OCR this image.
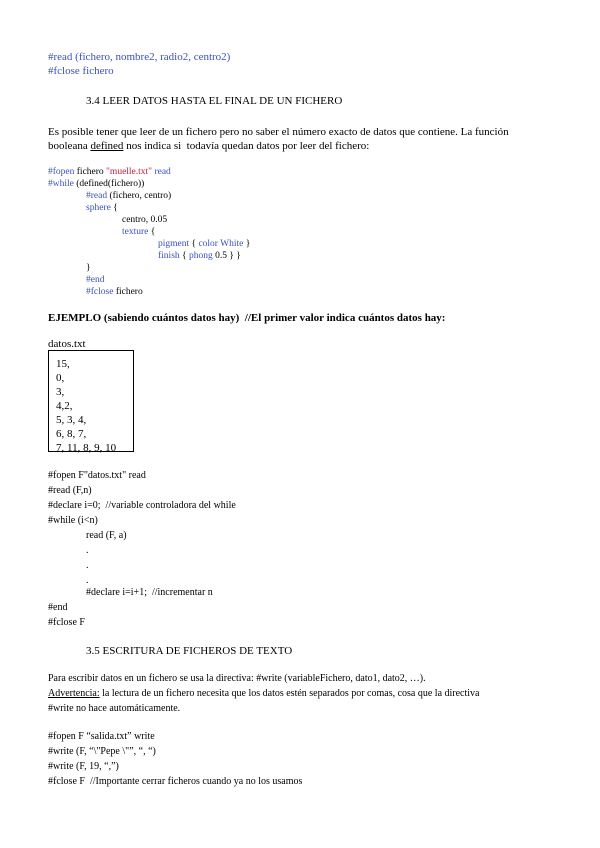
#read (fichero, nombre2, radio2, centro2)
#fclose fichero
3.4 LEER DATOS HASTA EL FINAL DE UN FICHERO
Es posible tener que leer de un fichero pero no saber el número exacto de datos que contiene. La función
booleana defined nos indica si  todavía quedan datos por leer del fichero:
#fopen fichero "muelle.txt" read
#while (defined(fichero))
#read (fichero, centro)
sphere {
centro, 0.05
texture {
pigment { color White }
finish { phong 0.5 } }
}
#end
#fclose fichero
EJEMPLO (sabiendo cuántos datos hay)  //El primer valor indica cuántos datos hay:
datos.txt
15,
0,
3,
4,2,
5, 3, 4,
6, 8, 7,
7, 11, 8, 9, 10
#fopen F"datos.txt" read
#read (F,n)
#declare i=0;  //variable controladora del while
#while (i<n)
read (F, a)
.
.
.
#declare i=i+1;  //incrementar n
#end
#fclose F
3.5 ESCRITURA DE FICHEROS DE TEXTO
Para escribir datos en un fichero se usa la directiva: #write (variableFichero, dato1, dato2, …).
Advertencia: la lectura de un fichero necesita que los datos estén separados por comas, cosa que la directiva
#write no hace automáticamente.
#fopen F “salida.txt” write
#write (F, “\"Pepe \"”, “, “)
#write (F, 19, “,”)
#fclose F  //Importante cerrar ficheros cuando ya no los usamos
